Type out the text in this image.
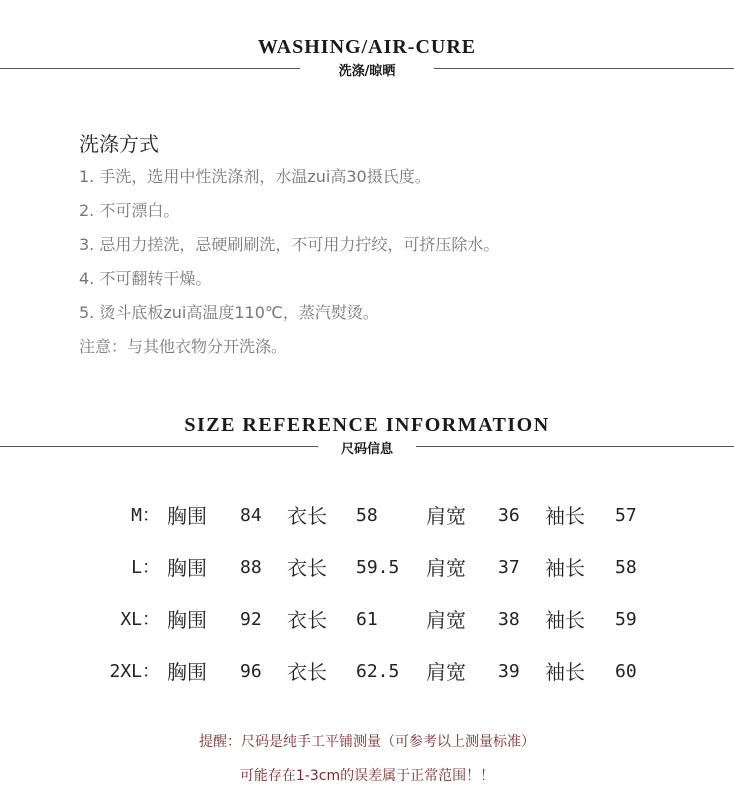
WASHING/AIR-CURE
洗涤/晾晒
洗涤方式
1. 手洗，选用中性洗涤剂，水温zui高30摄氏度。
2. 不可漂白。
3. 忌用力搓洗，忌硬刷刷洗，不可用力拧绞，可挤压除水。
4. 不可翻转干燥。
5. 烫斗底板zui高温度110℃，蒸汽熨烫。
注意：与其他衣物分开洗涤。
SIZE REFERENCE INFORMATION
尺码信息
M： 胸围 84 衣长 58 肩宽 36 袖长 57
L： 胸围 88 衣长 59.5 肩宽 37 袖长 58
XL： 胸围 92 衣长 61 肩宽 38 袖长 59
2XL： 胸围 96 衣长 62.5 肩宽 39 袖长 60
提醒：尺码是纯手工平铺测量（可参考以上测量标准）
可能存在1-3cm的误差属于正常范围！！
